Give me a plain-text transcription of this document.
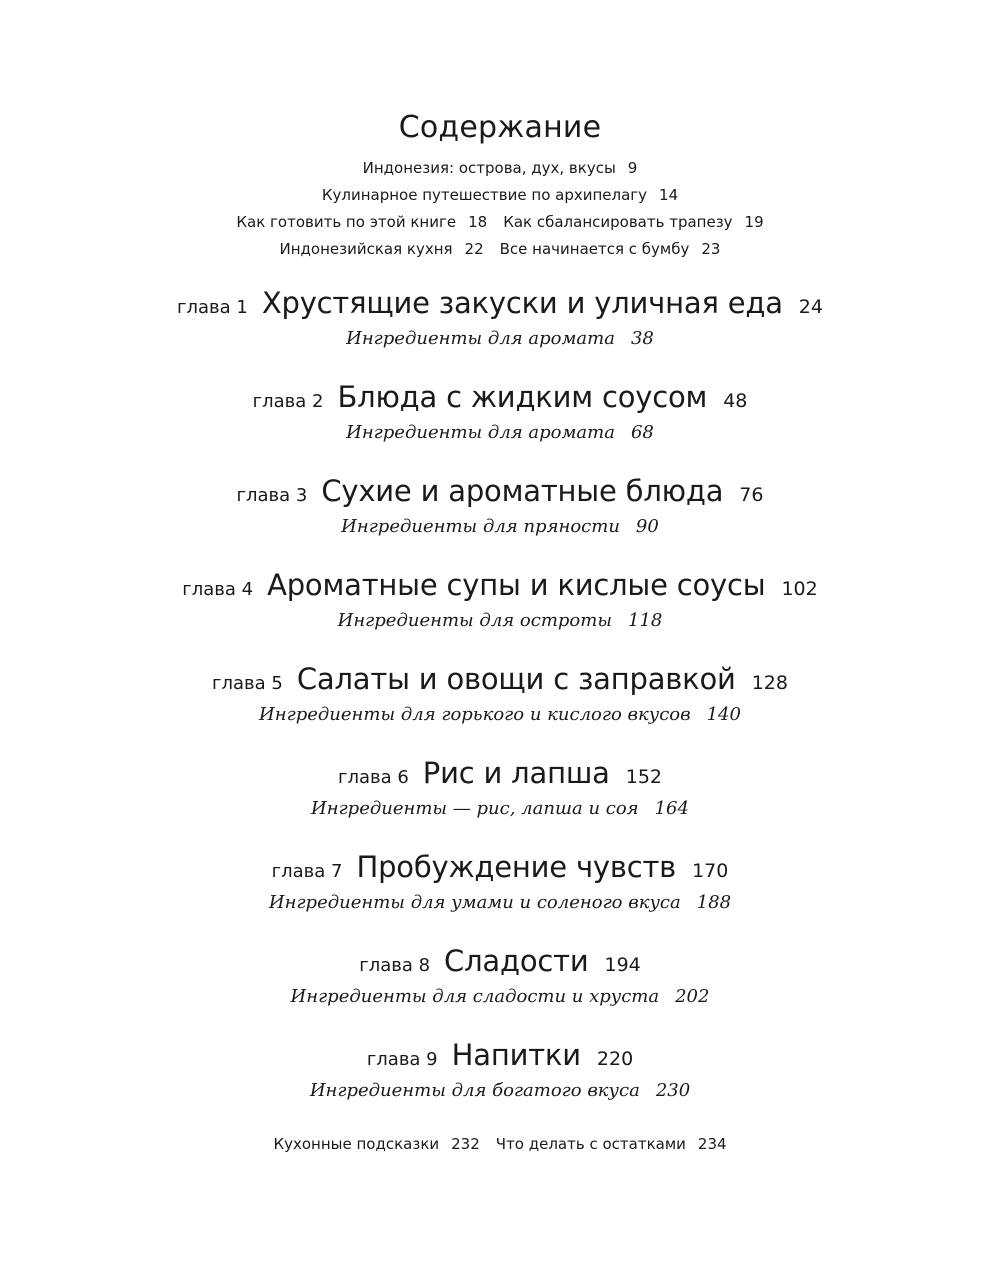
Содержание
Индонезия: острова, дух, вкусы 9
Кулинарное путешествие по архипелагу 14
Как готовить по этой книге 18 Как сбалансировать трапезу 19
Индонезийская кухня 22 Все начинается с бумбу 23
глава 1 Хрустящие закуски и уличная еда 24
Ингредиенты для аромата 38
глава 2 Блюда с жидким соусом 48
Ингредиенты для аромата 68
глава 3 Сухие и ароматные блюда 76
Ингредиенты для пряности 90
глава 4 Ароматные супы и кислые соусы 102
Ингредиенты для остроты 118
глава 5 Салаты и овощи с заправкой 128
Ингредиенты для горького и кислого вкусов 140
глава 6 Рис и лапша 152
Ингредиенты — рис, лапша и соя 164
глава 7 Пробуждение чувств 170
Ингредиенты для умами и соленого вкуса 188
глава 8 Сладости 194
Ингредиенты для сладости и хруста 202
глава 9 Напитки 220
Ингредиенты для богатого вкуса 230
Кухонные подсказки 232 Что делать с остатками 234
